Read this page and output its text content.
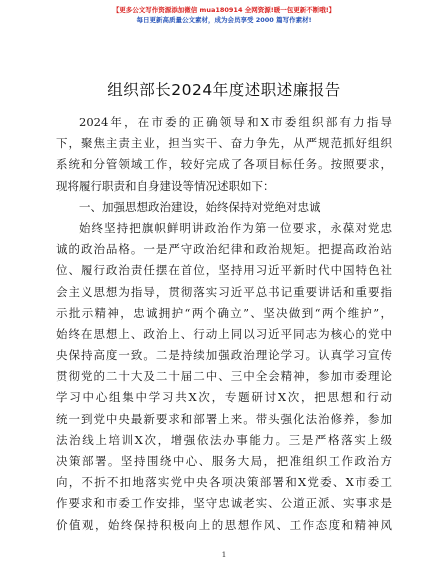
【更多公文写作资源添加微信 mua180914 全网资源!暖一包更新不断哦!】
每日更新高质量公文素材，成为会员享受 2000 篇写作素材!
组织部长2024年度述职述廉报告
2024年，在市委的正确领导和X市委组织部有力指导
下，聚焦主责主业，担当实干、奋力争先，从严规范抓好组织
系统和分管领域工作，较好完成了各项目标任务。按照要求，
现将履行职责和自身建设等情况述职如下：
一、加强思想政治建设，始终保持对党绝对忠诚
始终坚持把旗帜鲜明讲政治作为第一位要求，永葆对党忠
诚的政治品格。一是严守政治纪律和政治规矩。把提高政治站
位、履行政治责任摆在首位，坚持用习近平新时代中国特色社
会主义思想为指导，贯彻落实习近平总书记重要讲话和重要指
示批示精神，忠诚拥护“两个确立”、坚决做到“两个维护”，
始终在思想上、政治上、行动上同以习近平同志为核心的党中
央保持高度一致。二是持续加强政治理论学习。认真学习宣传
贯彻党的二十大及二十届二中、三中全会精神，参加市委理论
学习中心组集中学习共X次，专题研讨X次，把思想和行动
统一到党中央最新要求和部署上来。带头强化法治修养，参加
法治线上培训X次，增强依法办事能力。三是严格落实上级
决策部署。坚持围绕中心、服务大局，把准组织工作政治方
向，不折不扣地落实党中央各项决策部署和X党委、X市委工
作要求和市委工作安排，坚守忠诚老实、公道正派、实事求是
价值观，始终保持积极向上的思想作风、工作态度和精神风
1
